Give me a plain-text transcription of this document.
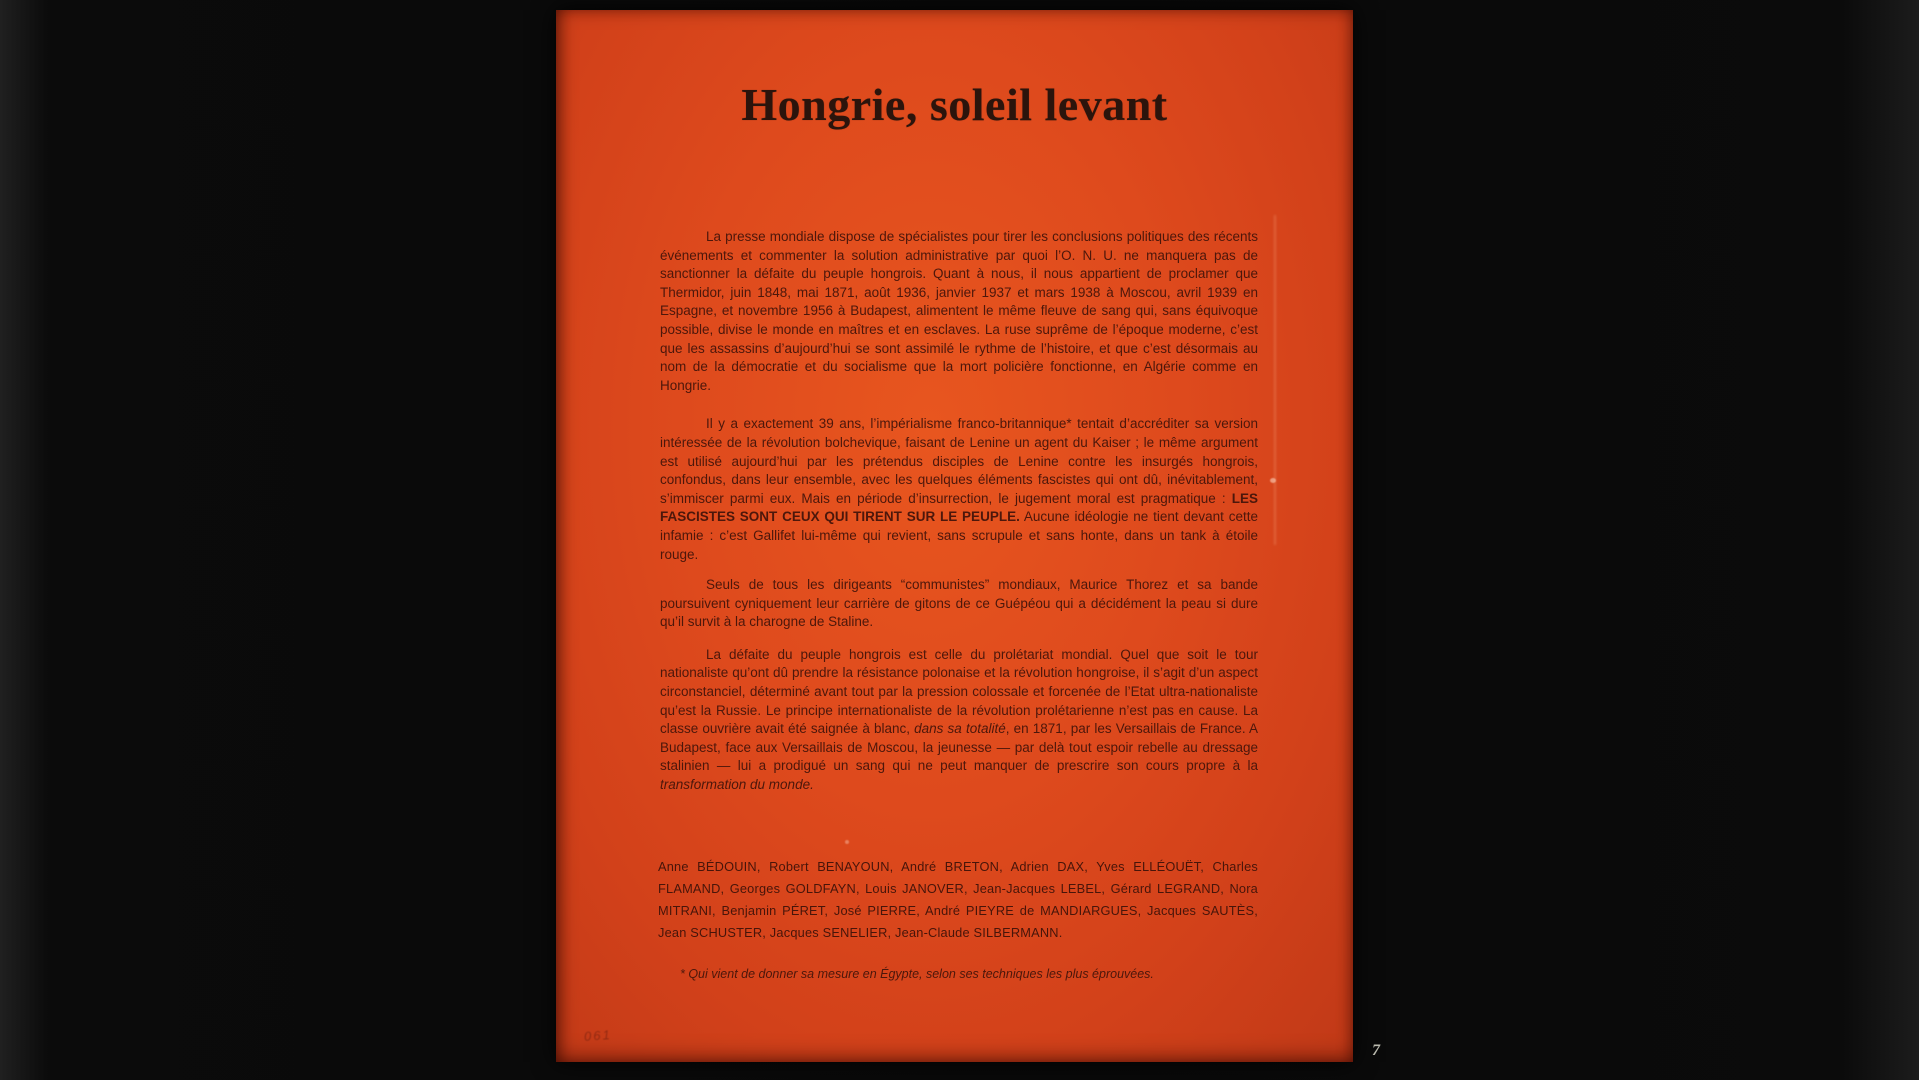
Hongrie, soleil levant

La presse mondiale dispose de spécialistes pour tirer les conclusions politiques des récents événements et commenter la solution administrative par quoi l’O. N. U. ne manquera pas de sanctionner la défaite du peuple hongrois. Quant à nous, il nous appartient de proclamer que Thermidor, juin 1848, mai 1871, août 1936, janvier 1937 et mars 1938 à Moscou, avril 1939 en Espagne, et novembre 1956 à Budapest, alimentent le même fleuve de sang qui, sans équivoque possible, divise le monde en maîtres et en esclaves. La ruse suprême de l’époque moderne, c’est que les assassins d’aujourd’hui se sont assimilé le rythme de l’histoire, et que c’est désormais au nom de la démocratie et du socialisme que la mort policière fonctionne, en Algérie comme en Hongrie.

Il y a exactement 39 ans, l’impérialisme franco-britannique* tentait d’accréditer sa version intéressée de la révolution bolchevique, faisant de Lenine un agent du Kaiser ; le même argument est utilisé aujourd’hui par les prétendus disciples de Lenine contre les insurgés hongrois, confondus, dans leur ensemble, avec les quelques éléments fascistes qui ont dû, inévitablement, s’immiscer parmi eux. Mais en période d’insurrection, le jugement moral est pragmatique : LES FASCISTES SONT CEUX QUI TIRENT SUR LE PEUPLE. Aucune idéologie ne tient devant cette infamie : c’est Gallifet lui-même qui revient, sans scrupule et sans honte, dans un tank à étoile rouge.

Seuls de tous les dirigeants “communistes” mondiaux, Maurice Thorez et sa bande poursuivent cyniquement leur carrière de gitons de ce Guépéou qui a décidément la peau si dure qu’il survit à la charogne de Staline.

La défaite du peuple hongrois est celle du prolétariat mondial. Quel que soit le tour nationaliste qu’ont dû prendre la résistance polonaise et la révolution hongroise, il s’agit d’un aspect circonstanciel, déterminé avant tout par la pression colossale et forcenée de l’Etat ultra-nationaliste qu’est la Russie. Le principe internationaliste de la révolution prolétarienne n’est pas en cause. La classe ouvrière avait été saignée à blanc, dans sa totalité, en 1871, par les Versaillais de France. A Budapest, face aux Versaillais de Moscou, la jeunesse — par delà tout espoir rebelle au dressage stalinien — lui a prodigué un sang qui ne peut manquer de prescrire son cours propre à la transformation du monde.

Anne BÉDOUIN, Robert BENAYOUN, André BRETON, Adrien DAX, Yves ELLÉOUËT, Charles FLAMAND, Georges GOLDFAYN, Louis JANOVER, Jean-Jacques LEBEL, Gérard LEGRAND, Nora MITRANI, Benjamin PÉRET, José PIERRE, André PIEYRE de MANDIARGUES, Jacques SAUTÈS, Jean SCHUSTER, Jacques SENELIER, Jean-Claude SILBERMANN.
* Qui vient de donner sa mesure en Égypte, selon ses techniques les plus éprouvées.
061
7
